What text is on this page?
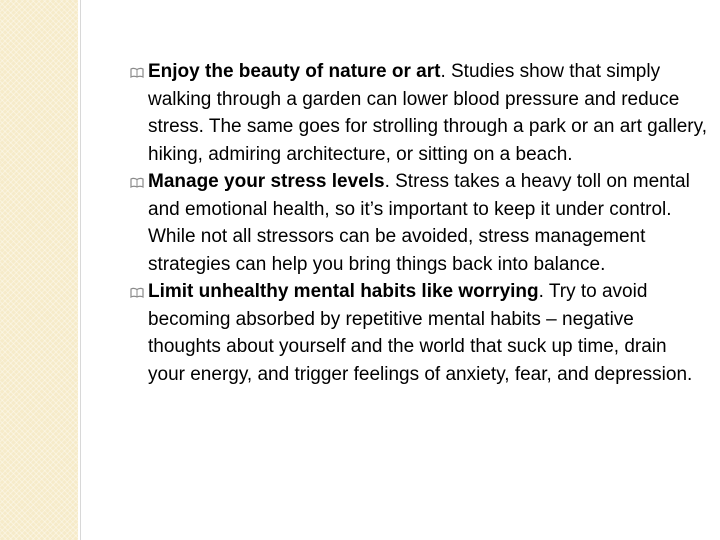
Enjoy the beauty of nature or art. Studies show that simply walking through a garden can lower blood pressure and reduce stress. The same goes for strolling through a park or an art gallery, hiking, admiring architecture, or sitting on a beach.
Manage your stress levels. Stress takes a heavy toll on mental and emotional health, so it’s important to keep it under control. While not all stressors can be avoided, stress management strategies can help you bring things back into balance.
Limit unhealthy mental habits like worrying. Try to avoid becoming absorbed by repetitive mental habits – negative thoughts about yourself and the world that suck up time, drain your energy, and trigger feelings of anxiety, fear, and depression.
